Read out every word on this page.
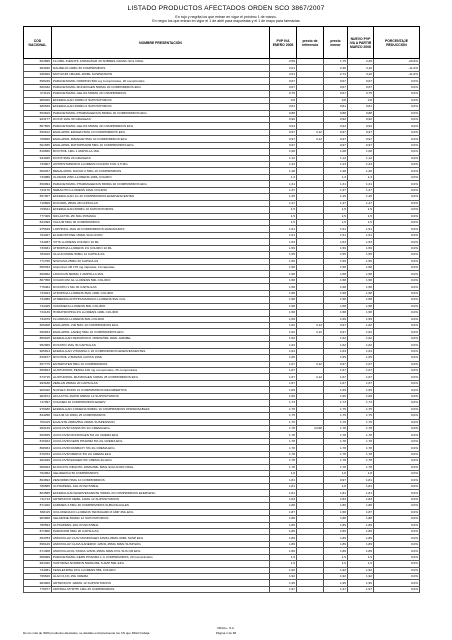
LISTADO PRODUCTOS AFECTADOS ORDEN SCO 3867/2007
En rojo y negrita los que entran en vigor el próximo 1 de marzo.
En negro los que entran en vigor el 1 de abril para mayoristas y el 1 de mayo para farmacias
COD NACIONAL	NOMBRE PRESENTACIÓN	PVP IVA ENERO 2008	precio de referencia	precio menor	NUEVO PVP IVA A PARTIR MARZO 2008	PORCENTAJE REDUCCIÓN
664896	FLUIMIL INFANTIL 100MG/5GR 30 SOBRES GRANU SOL ORAL	2,59		1,75	2,26	-20,6%
964940	NAUZELIN 10MG 30 COMPRIMIDOS	2,01		2,38	3,10	-11,0%
946920	MOTILIUM 1MG/ML 200ML SUSPENSION	2,51		2,74	3,10	-11,0%
658246	PARACETAMOL NORMON 500 mg Comprimidos, 20 comprimidos	0,67		0,67	0,67	0,0%
660332	PARACETAMOL MUNDOGEN 500MG 20 COMPRIMIDOS EFG	0,67		0,67	0,67	0,0%
971119	PARACETAMOL GELOS 500MG 20 COMPRIMIDOS	0,75		0,67	0,75	0,0%
986026	EFFERALGAN 150MG 8 SUPOSITORIOS	0,8		0,8	0,8	0,0%
986539	EFFERALGAN 300MG 6 SUPOSITORIOS	0,81		0,81	0,81	0,0%
653819	PARACETAMOL PHARMAGENUS 650MG 20 COMPRIMIDOS EFG	0,88		0,88	0,88	0,0%
923177	DOXIX 1MG 30 GRAGEAS	0,92		0,92	0,92	0,0%
867606	PARACETAMOL GELOS 650MG 20 COMPRIMIDOS EFG	0,94		0,94	0,94	0,0%
659612	ENALAPRIL EDIGEN 5MG 10 COMPRIMIDOS EFG	0,97	3,12	0,97	0,97	0,0%
708826	ENALAPRIL RIMAFAR 5MG 10 COMPRIMIDOS EFG	0,97	3,12	0,97	0,97	0,0%
661835	ENALAPRIL RATIOPHARM 5MG 10 COMPRIMIDOS EFG	0,97		0,97	0,97	0,0%
819656	RIVOTRIL 1MG 1 AMPOLLA 1ML	1,08		1,08	1,08	0,0%
944926	DOXIX 5MG 20 GRAGEAS	1,12		1,12	1,12	0,0%
733907	ANTIHISTAMINICO LLORENS COLIRIO 5 ML 2,5 MG	1,23		1,23	1,23	0,0%
669267	BENALAPRIL DAVUR 2,5MG 10 COMPRIMIDOS	1,28		1,28	1,28	0,0%
734089	CLORAM ZINC LLORENS 10ML COLIRIO	1,3		1,3	1,3	0,0%
650994	PARACETAMOL PHARMAGENUS 650MG 40 COMPRIMIDOS EFG	1,31		1,31	1,31	0,0%
734170	NEBACITIO LLORENS 10ML COLIRIO	1,37		1,37	1,37	0,0%
657007	EFFERALGAN 1G 20 COMPRIMIDOS EFERVESCENTES	1,45		1,45	1,45	0,0%
710806	DOCORIL 25MG 28 CAPSULAS	1,47		1,47	1,47	0,0%
703611	EFFERALGAN 600MG 10 SUPOSITORIOS	1,5		1,5	1,5	0,0%
777409	NIFLACTOL 25/ 60G POMADA	1,5		1,5	1,5	0,0%
844399	VALIUM 5MG 30 COMPRIMIDOS	1,5		1,5	1,5	0,0%
975649	LOPHINOL 1MG 20 COMPRIMIDOS RANURADOS	1,51		1,51	1,51	0,0%
764027	ELIGROSTONE 150ML SOLUCION	1,51		1,51	1,51	0,0%
734287	VITIS LLORENS COLIRIO 10 ML	1,53		1,53	1,53	0,0%
733931	ATROPINA LLORENS 1% COLIRIO 10 ML	1,59		1,59	1,59	0,0%
783910	GLAUCONIDE 50MG 12 CAPSULAS	1,55		1,55	1,55	0,0%
771766	NISOLINA 25MG 20 CAPSULAS	1,56		1,56	1,56	0,0%
650333	Alopurinol UR 175 mg cápsulas, 10 cápsulas	1,58		1,58	1,58	0,0%
660662	LINCOGIN 600MG 1 AMPOLLA 2ML	1,58		1,58	1,58	0,0%
867358	COLIRCUSI GL LLORENS 5ML COLIRIO	1,58		1,58	1,58	0,0%
776484	DOXATIN 1 MG 30 CAPSULAS	1,58		1,58	1,58	0,0%
733923	ATROPINA LLORENS 5MG 10ML COLIRIO	1,58		1,58	1,58	0,0%
734089	ATIMEDRA ANTIHISTAMINICO LLORENS 5ML COL	1,58		1,58	1,58	0,0%
734345	VASODEKA LLORENS 5ML COLIRIO	1,58		1,58	1,58	0,0%
734139	HOMATROPINA 2% LLORENS 10ML COLIRIO	1,58		1,58	1,58	0,0%
734079	FLUORIAS LLORENS 5ML COLIRIO	1,59		1,59	1,59	0,0%
665208	ENALAPRIL VIR 5MG 10 COMPRIMIDOS EFG	1,62	3,12	0,97	1,62	0,0%
699934	ENALAPRIL LAREQ 5MG 10 COMPRIMIDOS EFG	1,62	3,12	0,97	1,62	0,0%
865915	EFERALGAN PEDIATRICO 150MG/5ML 90ML JARABE	1,62		1,62	1,62	0,0%
952069	DOXATIN 1MG 30 CAPSULAS	1,62		1,62	1,62	0,0%
965814	EFERALGAN VITAMINA C 20 COMPRIMIDOS EFERVESCENTES	1,64		1,64	1,64	0,0%
819677	RIVOTRIL 2,5MG/ML GOTAS 10ML	1,65		1,65	1,65	0,0%
657775	ENTEROTEN 5MG 10 COMPRIMIDOS	1,67	3,12	0,97	1,67	0,0%
658823	ALOPURINOL PENSA 100 mg comprimidos, 25 comprimidos	1,67		1,67	1,67	0,0%
673715	ALOPURINOL MUNDOGEN 100MG 25 COMPRIMIDOS EFG	1,67	3,12	1,67	1,67	0,0%
993188	ZEBLAN 250MG 20 CAPSULAS	1,67		1,67	1,67	0,0%
900340	NOPLEX 30/150 21 COMPRIMIDOS RECUBIERTOS	1,69		1,69	1,69	0,0%
984674	AFLACTOL RAPID 600MG 12 SUPOSITORIOS	1,69		1,69	1,69	0,0%
747097	COLINEN 10 COMPRIMIDOS EFERV	1,73		1,73	1,73	0,0%
976936	EFERALGAN CODEINA 500MG 16 COMPRIMIDOS DISPERSABLES	1,75		1,75	1,75	0,0%
844258	VALIUM 10 10MG 25 COMPRIMIDOS	1,75		1,75	1,75	0,0%
769415	EGALSTE 20MG/5ML 200ML SUSPENSION	1,76		1,76	1,76	0,0%
950139	ACICLOVIR STADA 5% 2G CREMA EFG	1,78	24,68	1,78	1,78	0,0%
660845	ACICLOVIR MUNDOGEN 5% 2G CREMA EFG	1,78		1,78	1,78	0,0%
815043	ACICLOVIR KERN PHARMA 5% 2G CREMA EFG	1,78		1,78	1,78	0,0%
868034	ACICLOVIR RANBAXY 5% 2G CREMA EFG	1,78		1,78	1,78	0,0%
679763	ACICLOVIR MERCK 5% 2G CREMA EFG	1,78		1,78	1,78	0,0%
902946	ACICLOVIR EDIGEN 5% CREMA 2G EFG	1,78		1,78	1,78	0,0%
959023	ELIOCATIL INFANTIL 10MG/5ML 60ML SOLUCION ORAL	1,78		1,78	1,78	0,0%
762062	GELIDERCA 50 COMPRIMIDOS	1,8		1,8	1,8	0,0%
864693	ZENORMIN 5MG 10 COMPRIMIDOS	1,81		0,97	1,81	0,0%
780585	ULTRAPENIL 10G INYECTABLE	1,81		1,8	1,81	0,0%
803585	EFFERALGAN EFERVESCENTE 500MG 20 COMPRIMIDOS EFERVESC	1,81		1,81	1,81	0,0%
711713	ARTRINOVO DEBIL 10MG 12 SUPOSITORIOS	1,83		1,83	1,83	0,0%
871020	FARMIES 2.5MG 30 COMPRIMIDOS SUBLINGUALES	1,86		1,86	1,86	0,0%
668115	CICLOFENACO LLORENS TENSIGARD 8 AMP 3ML EFG	1,87		1,58	1,87	0,0%
984658	GELDRINE 600MG 12 SUPOSITORIOS	1,88		1,88	1,88	0,0%
780593	ULTRAPENIL 20G INYECTABLE	1,89		1,89	1,89	0,0%
871806	PARODIOR 5MG 20 CAPSULAS	1,89		1,89	1,89	0,0%
654783	AMOXICLAV CLAV MUNDOGEN 125/31,25MG 60ML SUSP EFG	1,89		1,89	1,89	0,0%
656129	AMOXICLAV CLAVULANERCK 125/31,25MG 60ML SUSP EFG	1,89		1,89	1,89	0,0%
671008	AMOXICLAVUL STADA 125/31,25MG 60ML POL SUS OR EFG	1,89		1,89	1,89	0,0%
658096	PARACETAMOL KERN PHARMA 1 G COMPRIMIDOS, 20 Comprimidos	1,9		1,9	1,9	0,0%
663330	VANTIDINA NORMON 50MG/2ML 5 AMP 5ML EFG	1,9		1,9	1,9	0,0%
734081	FENILEFRINA 10% LLORENS 5ML COLIRIO	1,92		1,92	1,92	0,0%
766626	ALGO 0,1% 15G CREMA	1,92		1,92	1,92	0,0%
984666	ARTRINOVO 100MG 12 SUPOSITORIOS	1,95		1,95	1,95	0,0%
776977	ORPIDAL MYRTHI 1MG 25 COMPRIMIDOS	1,97		1,37	1,97	0,0%
DIFALL, S.A.
Página 1 de 68
De los más de 3000 productos afectados, se detallan exclusivamente los CN que Difarli trabaja
